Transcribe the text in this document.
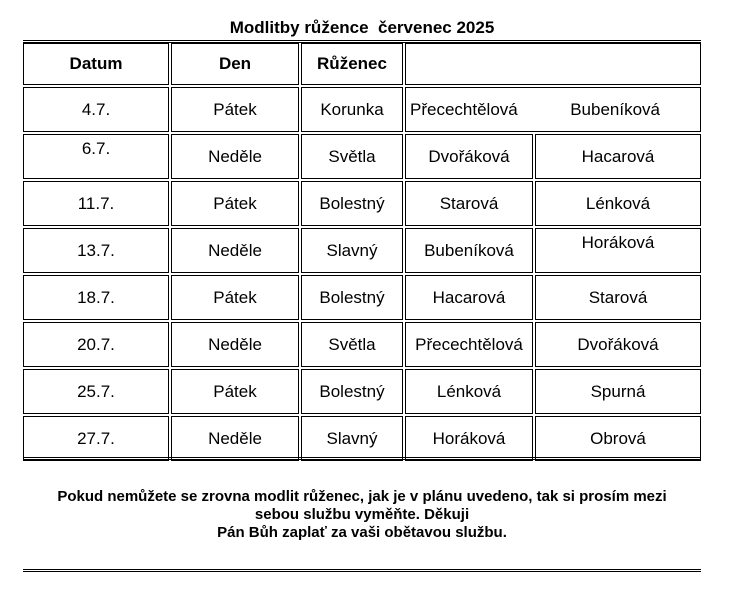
Modlitby růžence  červenec 2025
Datum	Den	Růženec
4.7.	Pátek	Korunka	Přecechtělová	Bubeníková
6.7.	Neděle	Světla	Dvořáková	Hacarová
11.7.	Pátek	Bolestný	Starová	Lénková
13.7.	Neděle	Slavný	Bubeníková	Horáková
18.7.	Pátek	Bolestný	Hacarová	Starová
20.7.	Neděle	Světla	Přecechtělová	Dvořáková
25.7.	Pátek	Bolestný	Lénková	Spurná
27.7.	Neděle	Slavný	Horáková	Obrová
Pokud nemůžete se zrovna modlit růženec, jak je v plánu uvedeno, tak si prosím mezi
sebou službu vyměňte. Děkuji
Pán Bůh zaplať za vaši obětavou službu.
